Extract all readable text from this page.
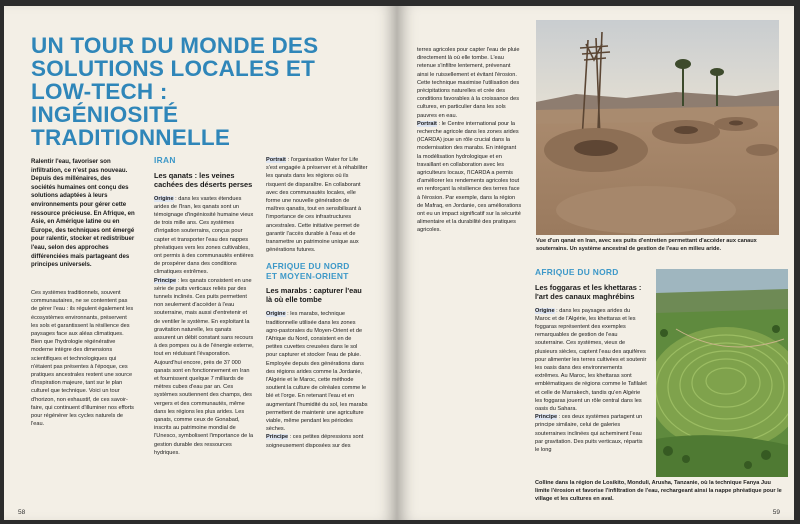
UN TOUR DU MONDE DES
SOLUTIONS LOCALES ET LOW-TECH :
INGÉNIOSITÉ TRADITIONNELLE

Ralentir l'eau, favoriser son infiltration, ce n'est pas nouveau. Depuis des millénaires, des sociétés humaines ont conçu des solutions adaptées à leurs environnements pour gérer cette ressource précieuse. En Afrique, en Asie, en Amérique latine ou en Europe, des techniques ont émergé pour ralentir, stocker et redistribuer l'eau, selon des approches différenciées mais partageant des principes universels.

Ces systèmes traditionnels, souvent communautaires, ne se contentent pas de gérer l'eau : ils régulent également les écosystèmes environnants, préservent les sols et garantissent la résilience des paysages face aux aléas climatiques. Bien que l'hydrologie régénérative moderne intègre des dimensions scientifiques et technologiques qui n'étaient pas présentes à l'époque, ces pratiques ancestrales restent une source d'inspiration majeure, tant sur le plan culturel que technique. Voici un tour d'horizon, non exhaustif, de ces savoir-faire, qui continuent d'illuminer nos efforts pour régénérer les cycles naturels de l'eau.

IRAN

Les qanats : les veines cachées des déserts perses

Origine : dans les vastes étendues arides de l'Iran, les qanats sont un témoignage d'ingéniosité humaine vieux de trois mille ans. Ces systèmes d'irrigation souterrains, conçus pour capter et transporter l'eau des nappes phréatiques vers les zones cultivables, ont permis à des communautés entières de prospérer dans des conditions climatiques extrêmes.

Principe : les qanats consistent en une série de puits verticaux reliés par des tunnels inclinés. Ces puits permettent non seulement d'accéder à l'eau souterraine, mais aussi d'entretenir et de ventiler le système. En exploitant la gravitation naturelle, les qanats assurent un débit constant sans recours à des pompes ou à de l'énergie externe, tout en réduisant l'évaporation. Aujourd'hui encore, près de 37 000 qanats sont en fonctionnement en Iran et fournissent quelque 7 milliards de mètres cubes d'eau par an. Ces systèmes soutiennent des champs, des vergers et des communautés, même dans les régions les plus arides. Les qanats, comme ceux de Gonabad, inscrits au patrimoine mondial de l'Unesco, symbolisent l'importance de la gestion durable des ressources hydriques.

Portrait : l'organisation Water for Life s'est engagée à préserver et à réhabiliter les qanats dans les régions où ils risquent de disparaître. En collaborant avec des communautés locales, elle forme une nouvelle génération de maîtres qanatis, tout en sensibilisant à l'importance de ces infrastructures ancestrales. Cette initiative permet de garantir l'accès durable à l'eau et de transmettre un patrimoine unique aux générations futures.

AFRIQUE DU NORD
ET MOYEN-ORIENT

Les marabs : capturer l'eau là où elle tombe

Origine : les marabs, technique traditionnelle utilisée dans les zones agro-pastorales du Moyen-Orient et de l'Afrique du Nord, consistent en de petites cuvettes creusées dans le sol pour capturer et stocker l'eau de pluie. Employée depuis des générations dans des régions arides comme la Jordanie, l'Algérie et le Maroc, cette méthode soutient la culture de céréales comme le blé et l'orge. En retenant l'eau et en augmentant l'humidité du sol, les marabs permettent de maintenir une agriculture viable, même pendant les périodes sèches.

Principe : ces petites dépressions sont soigneusement disposées sur des

58

terres agricoles pour capter l'eau de pluie directement là où elle tombe. L'eau retenue s'infiltre lentement, prévenant ainsi le ruissellement et évitant l'érosion. Cette technique maximise l'utilisation des précipitations naturelles et crée des conditions favorables à la croissance des cultures, en particulier dans les sols pauvres en eau.

Portrait : le Centre international pour la recherche agricole dans les zones arides (ICARDA) joue un rôle crucial dans la modernisation des marabs. En intégrant la modélisation hydrologique et en travaillant en collaboration avec les agriculteurs locaux, l'ICARDA a permis d'améliorer les rendements agricoles tout en renforçant la résilience des terres face à l'érosion. Par exemple, dans la région de Mafraq, en Jordanie, ces améliorations ont eu un impact significatif sur la sécurité alimentaire et la durabilité des pratiques agricoles.

Vue d'un qanat en Iran, avec ses puits d'entretien permettant d'accéder aux canaux souterrains. Un système ancestral de gestion de l'eau en milieu aride.

AFRIQUE DU NORD

Les foggaras et les khettaras : l'art des canaux maghrébins

Origine : dans les paysages arides du Maroc et de l'Algérie, les khettaras et les foggaras représentent des exemples remarquables de gestion de l'eau souterraine. Ces systèmes, vieux de plusieurs siècles, captent l'eau des aquifères pour alimenter les terres cultivées et soutenir les oasis dans des environnements extrêmes. Au Maroc, les khettaras sont emblématiques de régions comme le Tafilalet et celle de Marrakech, tandis qu'en Algérie les foggaras jouent un rôle central dans les oasis du Sahara.

Principe : ces deux systèmes partagent un principe similaire, celui de galeries souterraines inclinées qui acheminent l'eau par gravitation. Des puits verticaux, répartis le long

Colline dans la région de Losikito, Monduli, Arusha, Tanzanie, où la technique Fanya Juu limite l'érosion et favorise l'infiltration de l'eau, rechargeant ainsi la nappe phréatique pour le village et les cultures en aval.

59
